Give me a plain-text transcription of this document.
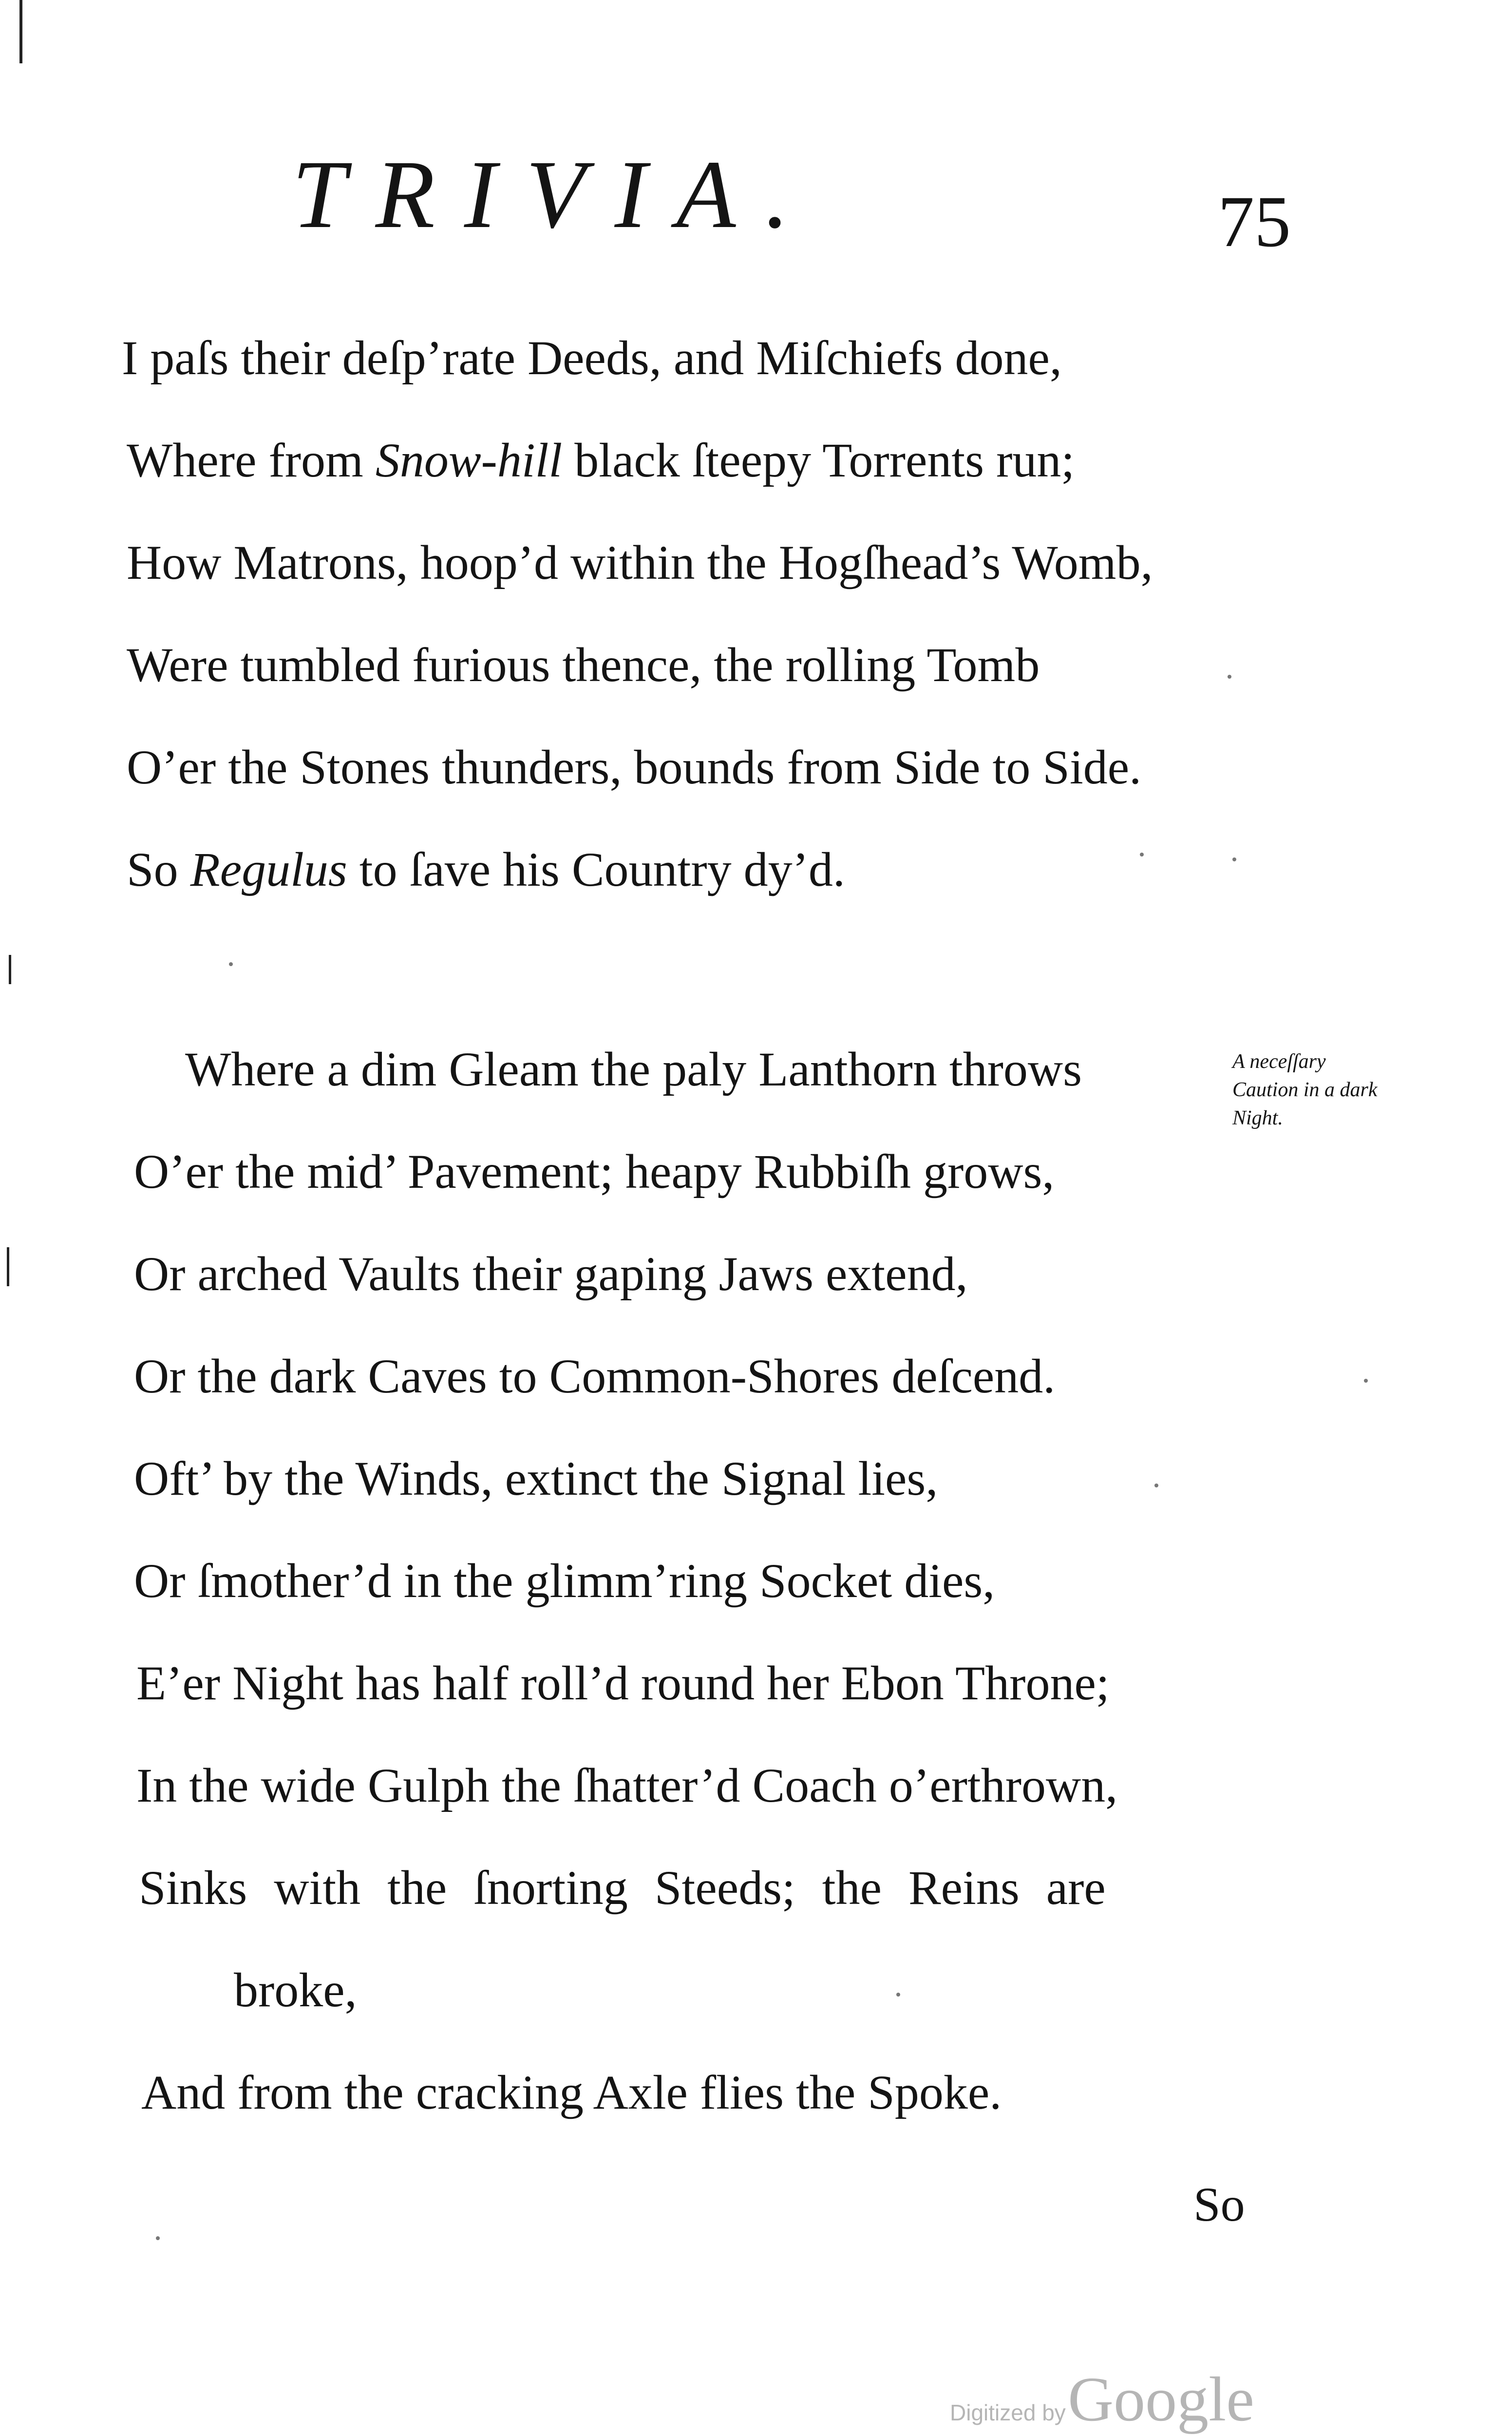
TRIVIA.	75
I paſs their deſp’rate Deeds, and Miſchiefs done,
Where from Snow-hill black ſteepy Torrents run;
How Matrons, hoop’d within the Hogſhead’s Womb,
Were tumbled furious thence, the rolling Tomb
O’er the Stones thunders, bounds from Side to Side.
So Regulus to ſave his Country dy’d.
Where a dim Gleam the paly Lanthorn throws
O’er the mid’ Pavement; heapy Rubbiſh grows,
Or arched Vaults their gaping Jaws extend,
Or the dark Caves to Common-Shores deſcend.
Oft’ by the Winds, extinct the Signal lies,
Or ſmother’d in the glimm’ring Socket dies,
E’er Night has half roll’d round her Ebon Throne;
In the wide Gulph the ſhatter’d Coach o’erthrown,
Sinks with the ſnorting Steeds; the Reins are
broke,
And from the cracking Axle flies the Spoke.
A neceſſary Caution in a dark Night.
So
Digitized by Google
